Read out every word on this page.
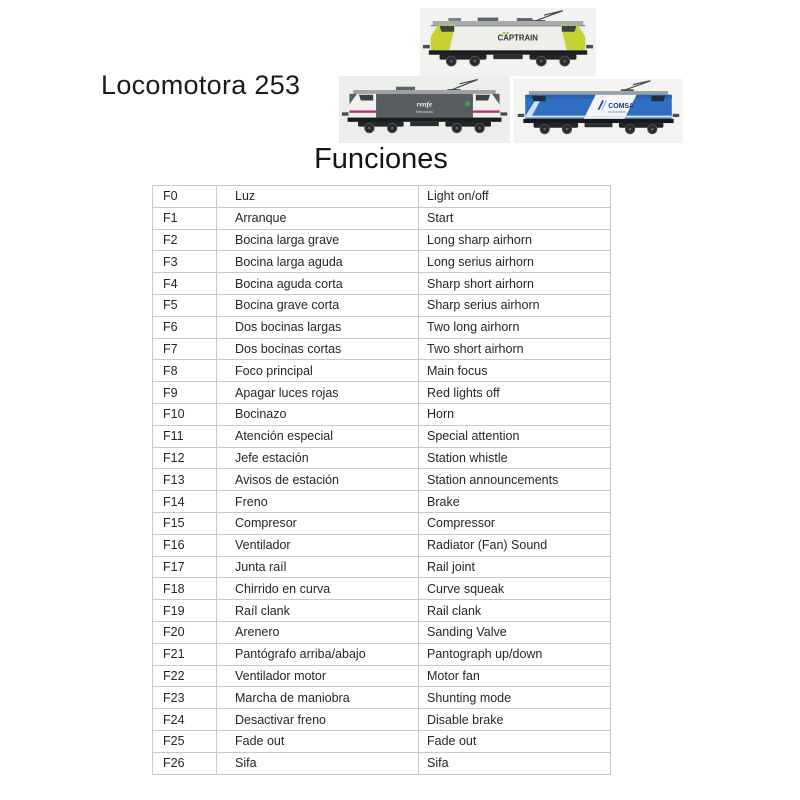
Locomotora 253
CAPTRAIN
renfe
Mercancías
COMSA
rail transport
Funciones
F0	Luz	Light on/off
F1	Arranque	Start
F2	Bocina larga grave	Long sharp airhorn
F3	Bocina larga aguda	Long serius airhorn
F4	Bocina aguda corta	Sharp short airhorn
F5	Bocina grave corta	Sharp serius airhorn
F6	Dos bocinas largas	Two long airhorn
F7	Dos bocinas cortas	Two short airhorn
F8	Foco principal	Main focus
F9	Apagar luces rojas	Red lights off
F10	Bocinazo	Horn
F11	Atención especial	Special attention
F12	Jefe estación	Station whistle
F13	Avisos de estación	Station announcements
F14	Freno	Brake
F15	Compresor	Compressor
F16	Ventilador	Radiator (Fan) Sound
F17	Junta raíl	Rail joint
F18	Chirrido en curva	Curve squeak
F19	Raíl clank	Rail clank
F20	Arenero	Sanding Valve
F21	Pantógrafo arriba/abajo	Pantograph up/down
F22	Ventilador motor	Motor fan
F23	Marcha de maniobra	Shunting mode
F24	Desactivar freno	Disable brake
F25	Fade out	Fade out
F26	Sifa	Sifa
